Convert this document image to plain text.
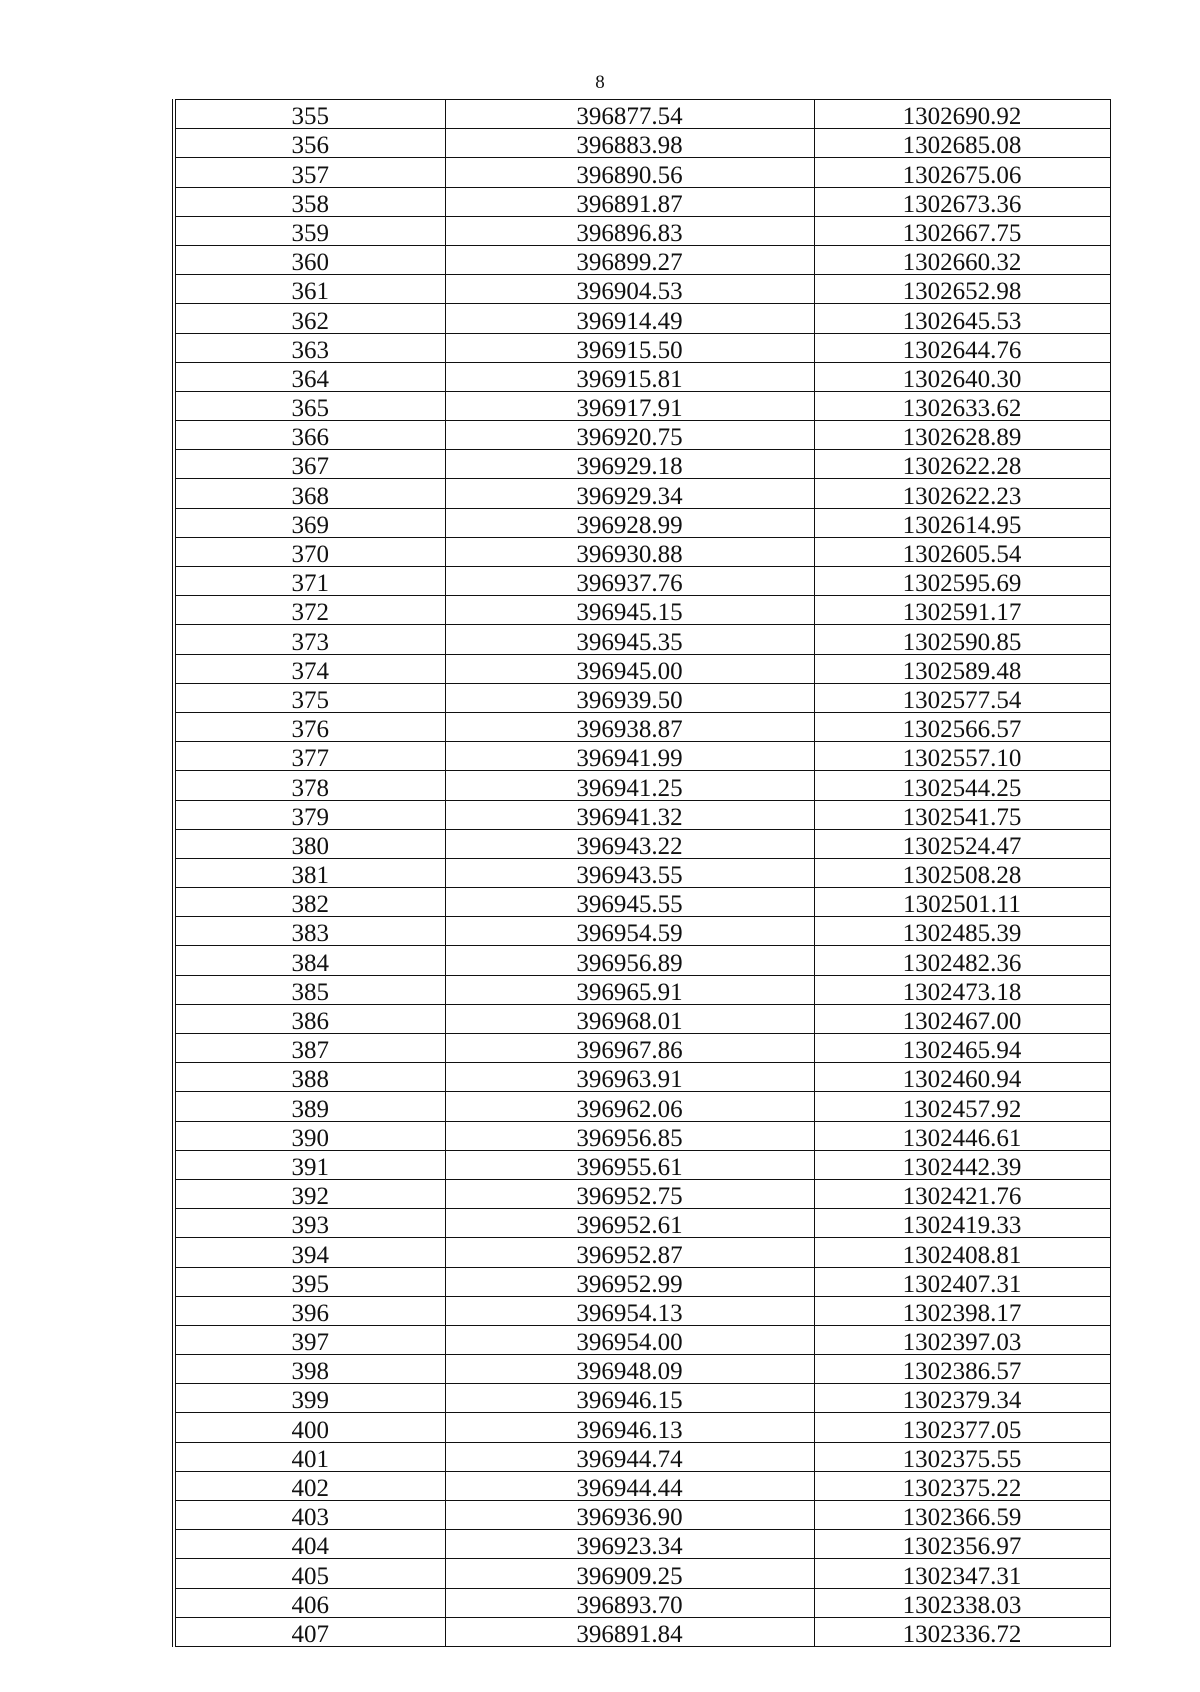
8
355	396877.54	1302690.92
356	396883.98	1302685.08
357	396890.56	1302675.06
358	396891.87	1302673.36
359	396896.83	1302667.75
360	396899.27	1302660.32
361	396904.53	1302652.98
362	396914.49	1302645.53
363	396915.50	1302644.76
364	396915.81	1302640.30
365	396917.91	1302633.62
366	396920.75	1302628.89
367	396929.18	1302622.28
368	396929.34	1302622.23
369	396928.99	1302614.95
370	396930.88	1302605.54
371	396937.76	1302595.69
372	396945.15	1302591.17
373	396945.35	1302590.85
374	396945.00	1302589.48
375	396939.50	1302577.54
376	396938.87	1302566.57
377	396941.99	1302557.10
378	396941.25	1302544.25
379	396941.32	1302541.75
380	396943.22	1302524.47
381	396943.55	1302508.28
382	396945.55	1302501.11
383	396954.59	1302485.39
384	396956.89	1302482.36
385	396965.91	1302473.18
386	396968.01	1302467.00
387	396967.86	1302465.94
388	396963.91	1302460.94
389	396962.06	1302457.92
390	396956.85	1302446.61
391	396955.61	1302442.39
392	396952.75	1302421.76
393	396952.61	1302419.33
394	396952.87	1302408.81
395	396952.99	1302407.31
396	396954.13	1302398.17
397	396954.00	1302397.03
398	396948.09	1302386.57
399	396946.15	1302379.34
400	396946.13	1302377.05
401	396944.74	1302375.55
402	396944.44	1302375.22
403	396936.90	1302366.59
404	396923.34	1302356.97
405	396909.25	1302347.31
406	396893.70	1302338.03
407	396891.84	1302336.72
